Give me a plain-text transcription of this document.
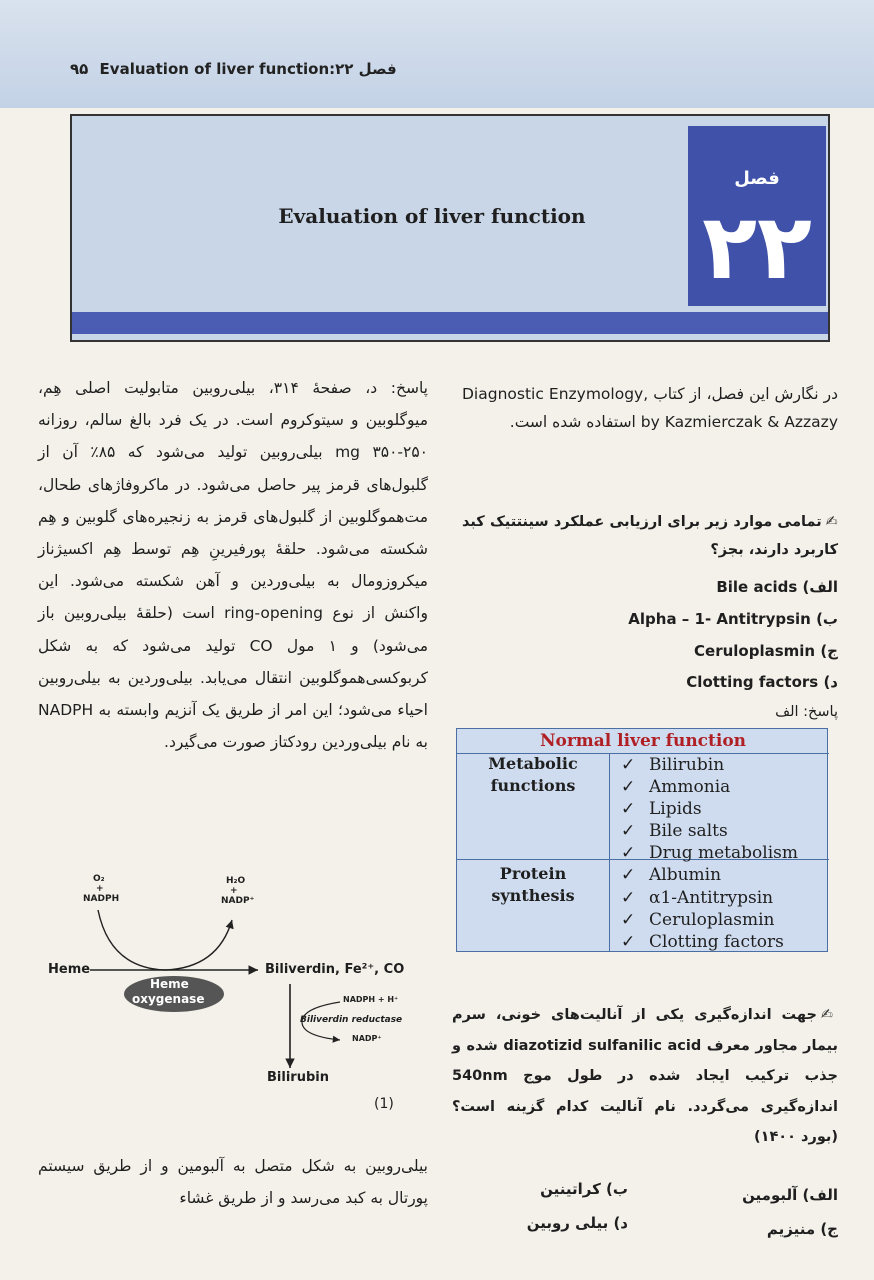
۹۵ Evaluation of liver function:فصل ۲۲
Evaluation of liver function
فصل
۲۲
در نگارش این فصل، از کتاب Diagnostic Enzymology, by Kazmierczak & Azzazy استفاده شده است.
✍تمامی موارد زیر برای ارزیابی عملکرد سینتتیک کبد کاربرد دارند، بجز؟
الف) Bile acids
ب) Alpha – 1- Antitrypsin
ج) Ceruloplasmin
د) Clotting factors
پاسخ: الف
Normal liver function
Metabolic functions
✓ Bilirubin
✓ Ammonia
✓ Lipids
✓ Bile salts
✓ Drug metabolism
Protein synthesis
✓ Albumin
✓ α1-Antitrypsin
✓ Ceruloplasmin
✓ Clotting factors
پاسخ: د، صفحهٔ ۳۱۴، بیلی‌روبین متابولیت اصلی هِم، میوگلوبین و سیتوکروم است. در یک فرد بالغ سالم، روزانه mg ۳۵۰-۲۵۰ بیلی‌روبین تولید می‌شود که ۸۵٪ آن از گلبول‌های قرمز پیر حاصل می‌شود. در ماکروفاژهای طحال، مت‌هموگلوبین از گلبول‌های قرمز به زنجیره‌های گلوبین و هِم شکسته می‌شود. حلقهٔ پورفیرینِ هِم توسط هِم اکسیژناز میکروزومال به بیلی‌وردین و آهن شکسته می‌شود. این واکنش از نوع ring-opening است (حلقهٔ بیلی‌روبین باز می‌شود) و ۱ مول CO تولید می‌شود که به شکل کربوکسی‌هموگلوبین انتقال می‌یابد. بیلی‌وردین به بیلی‌روبین احیاء می‌شود؛ این امر از طریق یک آنزیم وابسته به NADPH به نام بیلی‌وردین رودکتاز صورت می‌گیرد.
O₂
+
NADPH
H₂O
+
NADP⁺
Heme
Heme
oxygenase
Biliverdin, Fe²⁺, CO
NADPH + H⁺
Biliverdin reductase
NADP⁺
Bilirubin
(1)
بیلی‌روبین به شکل متصل به آلبومین و از طریق سیستم پورتال به کبد می‌رسد و از طریق غشاء
✍جهت اندازه‌گیری یکی از آنالیت‌های خونی، سرم بیمار مجاور معرف diazotizid sulfanilic acid شده و جذب ترکیب ایجاد شده در طول موج 540nm اندازه‌گیری می‌گردد. نام آنالیت کدام گزینه است؟ (بورد ۱۴۰۰)
الف) آلبومین
ب) کراتینین
ج) منیزیم
د) بیلی روبین
